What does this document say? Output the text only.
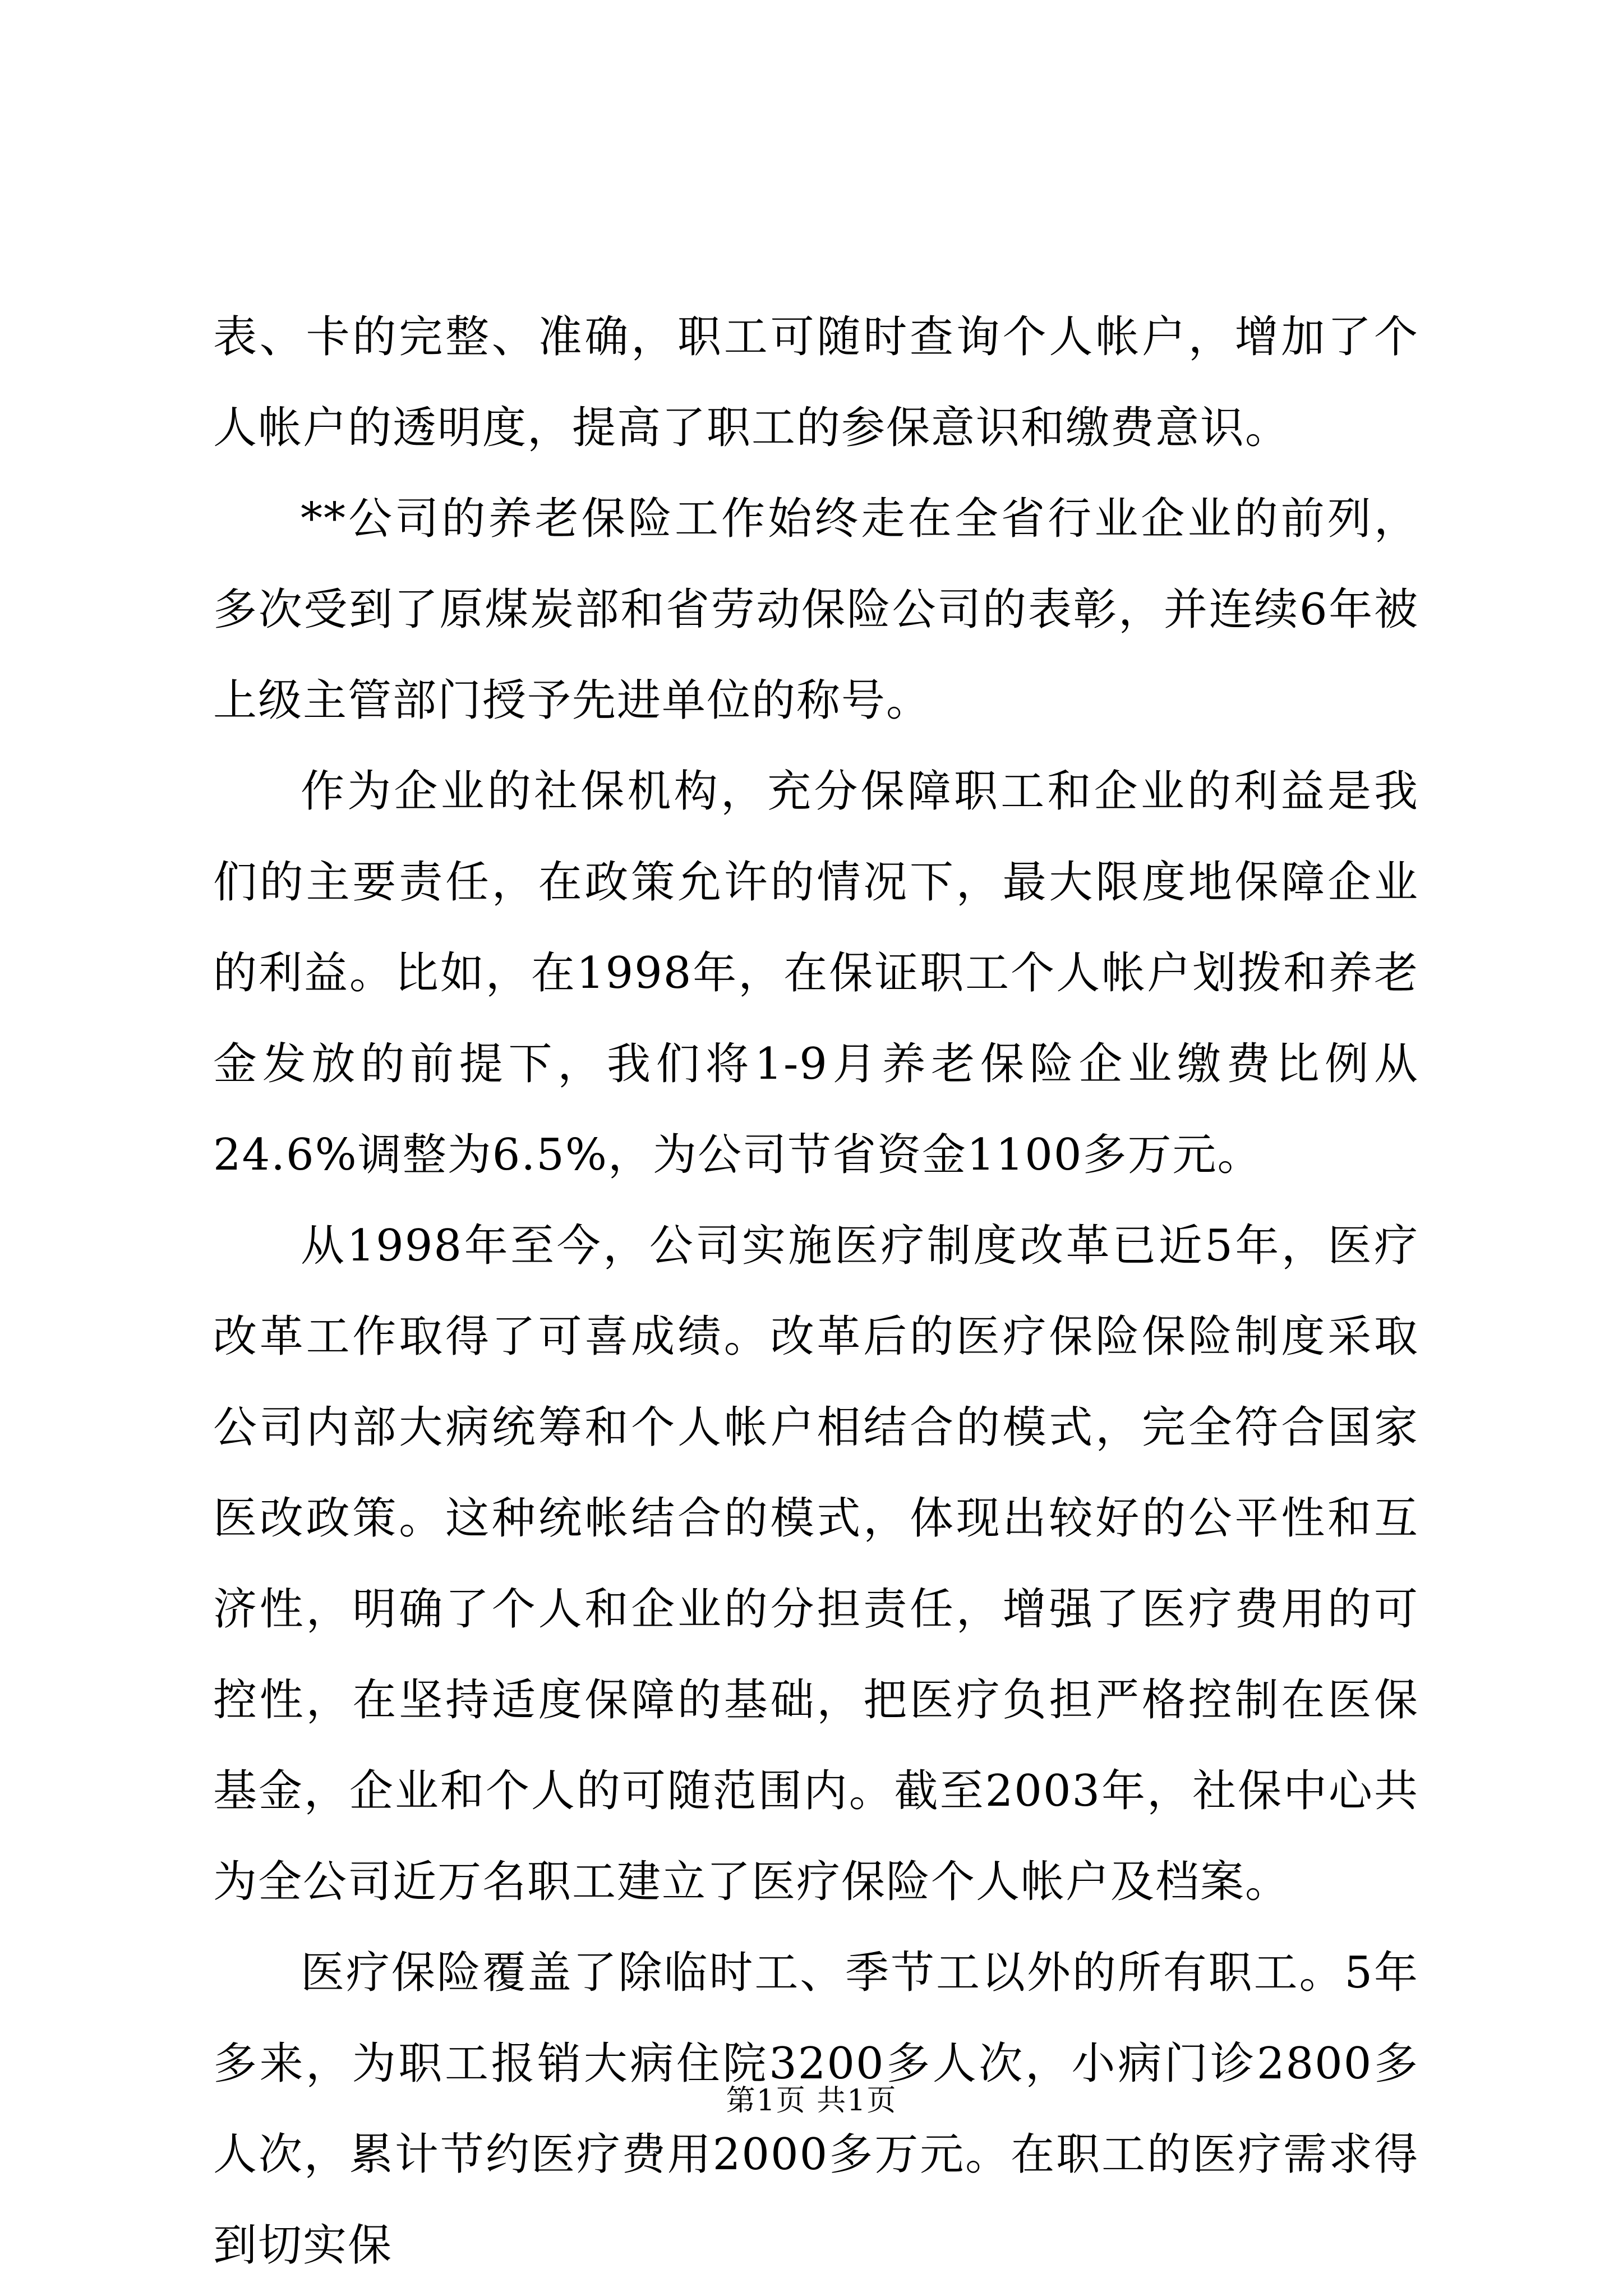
表、卡的完整、准确，职工可随时查询个人帐户，增加了个人帐户的透明度，提高了职工的参保意识和缴费意识。

**公司的养老保险工作始终走在全省行业企业的前列，多次受到了原煤炭部和省劳动保险公司的表彰，并连续6年被上级主管部门授予先进单位的称号。

作为企业的社保机构，充分保障职工和企业的利益是我们的主要责任，在政策允许的情况下，最大限度地保障企业的利益。比如，在1998年，在保证职工个人帐户划拨和养老金发放的前提下，我们将1-9月养老保险企业缴费比例从24.6%调整为6.5%，为公司节省资金1100多万元。

从1998年至今，公司实施医疗制度改革已近5年，医疗改革工作取得了可喜成绩。改革后的医疗保险保险制度采取公司内部大病统筹和个人帐户相结合的模式，完全符合国家医改政策。这种统帐结合的模式，体现出较好的公平性和互济性，明确了个人和企业的分担责任，增强了医疗费用的可控性，在坚持适度保障的基础，把医疗负担严格控制在医保基金，企业和个人的可随范围内。截至2003年，社保中心共为全公司近万名职工建立了医疗保险个人帐户及档案。

医疗保险覆盖了除临时工、季节工以外的所有职工。5年多来，为职工报销大病住院3200多人次，小病门诊2800多人次，累计节约医疗费用2000多万元。在职工的医疗需求得到切实保

第1页 共1页
